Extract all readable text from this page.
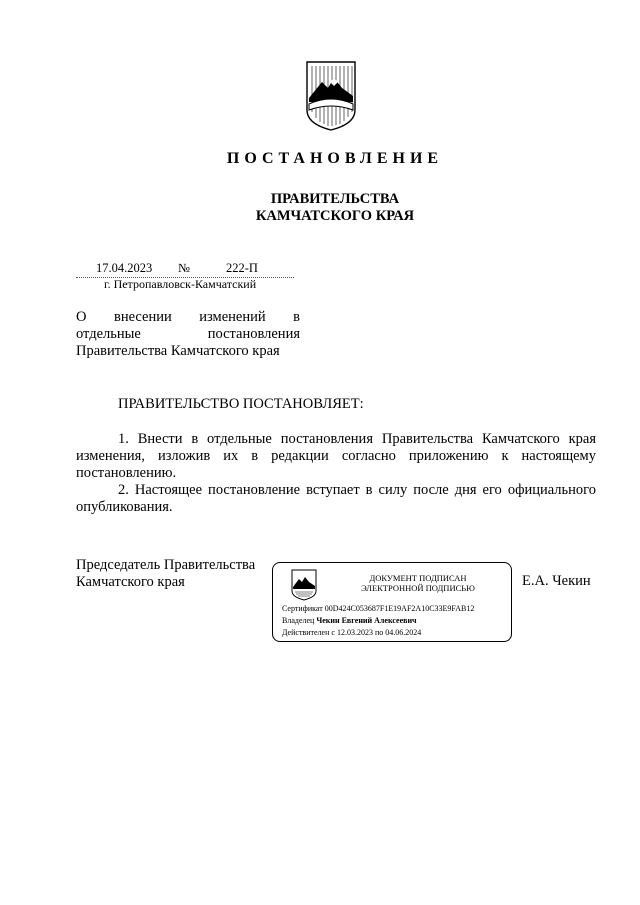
ПОСТАНОВЛЕНИЕ
ПРАВИТЕЛЬСТВА
КАМЧАТСКОГО КРАЯ
17.04.2023 №	222-П
г. Петропавловск-Камчатский
О внесении изменений в
отдельные постановления
Правительства Камчатского края
ПРАВИТЕЛЬСТВО ПОСТАНОВЛЯЕТ:

1. Внести в отдельные постановления Правительства Камчатского края изменения, изложив их в редакции согласно приложению к настоящему постановлению.

2. Настоящее постановление вступает в силу после дня его официального опубликования.

Председатель Правительства
Камчатского края	ДОКУМЕНТ ПОДПИСАН
ЭЛЕКТРОННОЙ ПОДПИСЬЮ
Сертификат 00D424C053687F1E19AF2A10C33E9FAB12
Владелец Чекин Евгений Алексеевич
Действителен с 12.03.2023 по 04.06.2024
Е.А. Чекин
